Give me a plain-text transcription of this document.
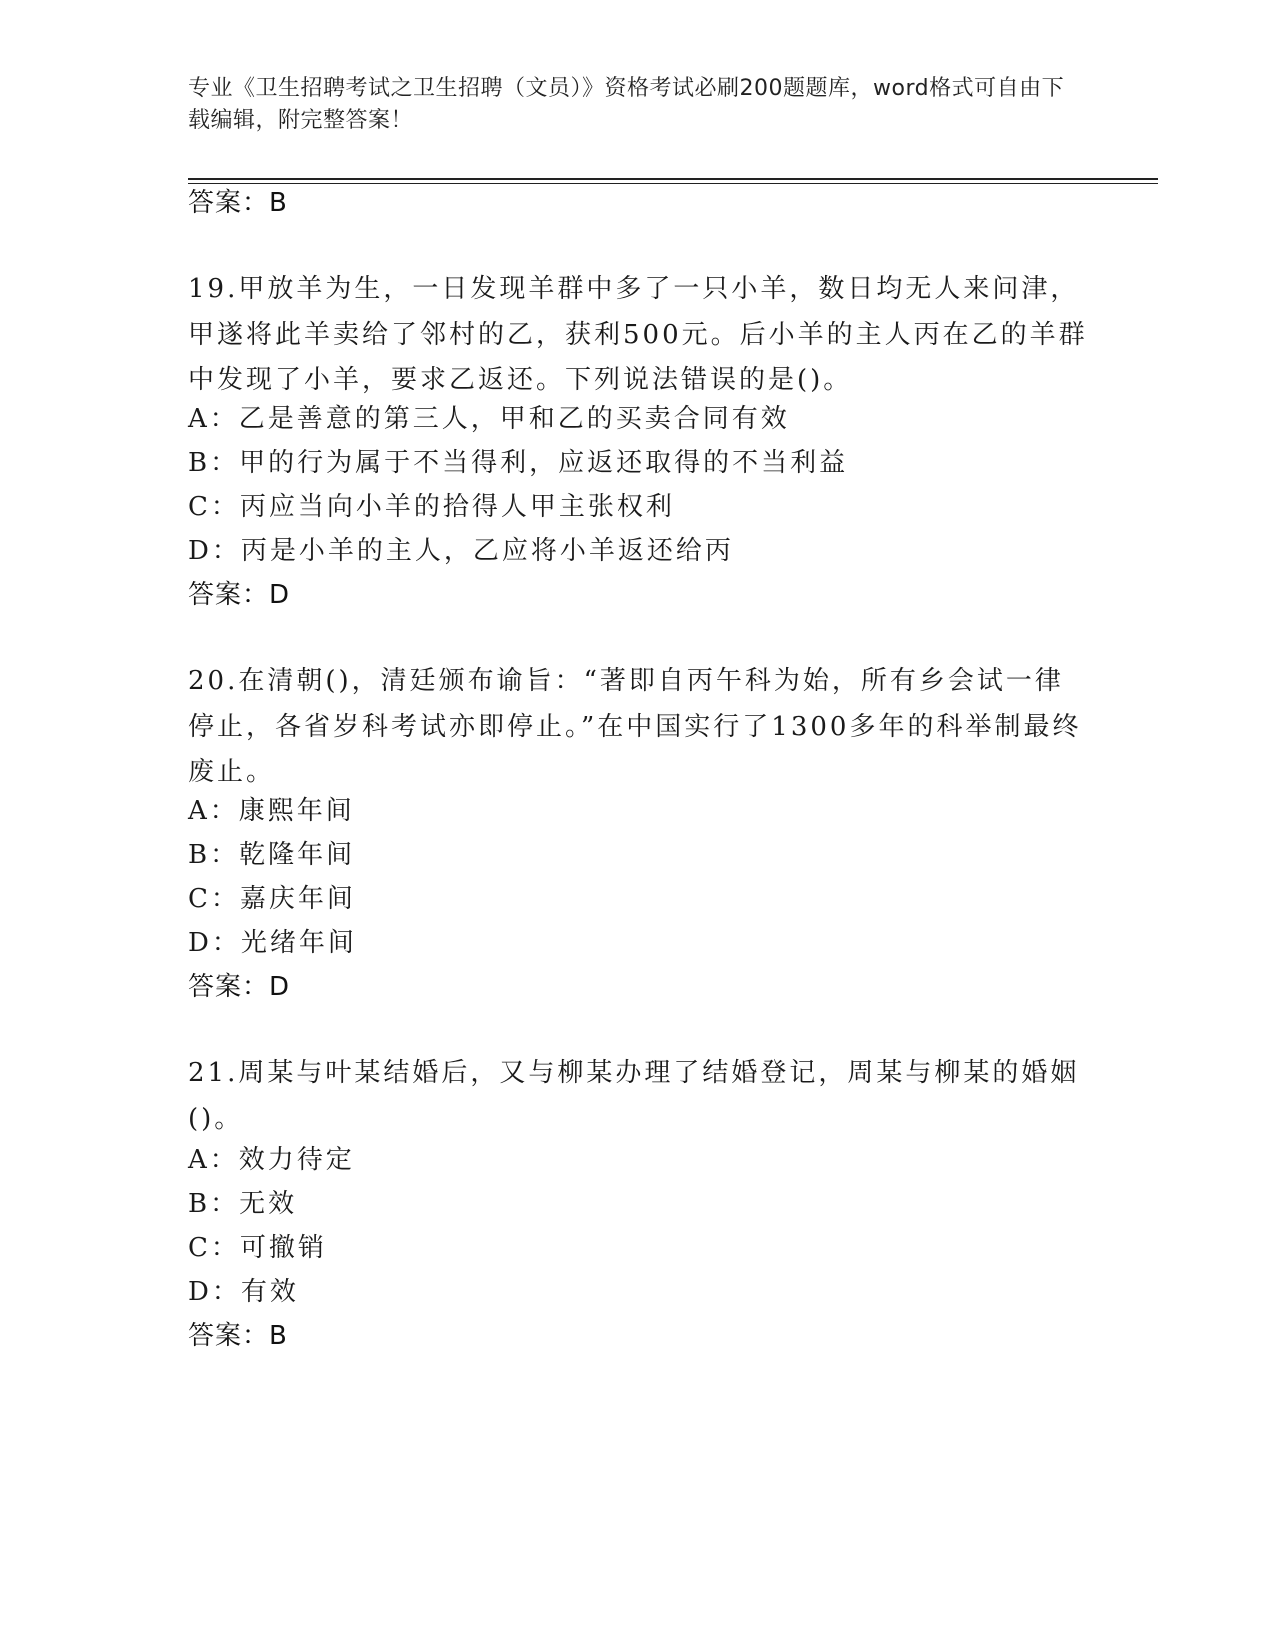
专业《卫生招聘考试之卫生招聘（文员）》资格考试必刷200题题库，word格式可自由下载编辑，附完整答案！
答案：B
19.甲放羊为生，一日发现羊群中多了一只小羊，数日均无人来问津，甲遂将此羊卖给了邻村的乙，获利500元。后小羊的主人丙在乙的羊群中发现了小羊，要求乙返还。下列说法错误的是()。
A：乙是善意的第三人，甲和乙的买卖合同有效
B：甲的行为属于不当得利，应返还取得的不当利益
C：丙应当向小羊的拾得人甲主张权利
D：丙是小羊的主人，乙应将小羊返还给丙
答案：D
20.在清朝()，清廷颁布谕旨：“著即自丙午科为始，所有乡会试一律停止，各省岁科考试亦即停止。”在中国实行了1300多年的科举制最终废止。
A：康熙年间
B：乾隆年间
C：嘉庆年间
D：光绪年间
答案：D
21.周某与叶某结婚后，又与柳某办理了结婚登记，周某与柳某的婚姻()。
A：效力待定
B：无效
C：可撤销
D：有效
答案：B
